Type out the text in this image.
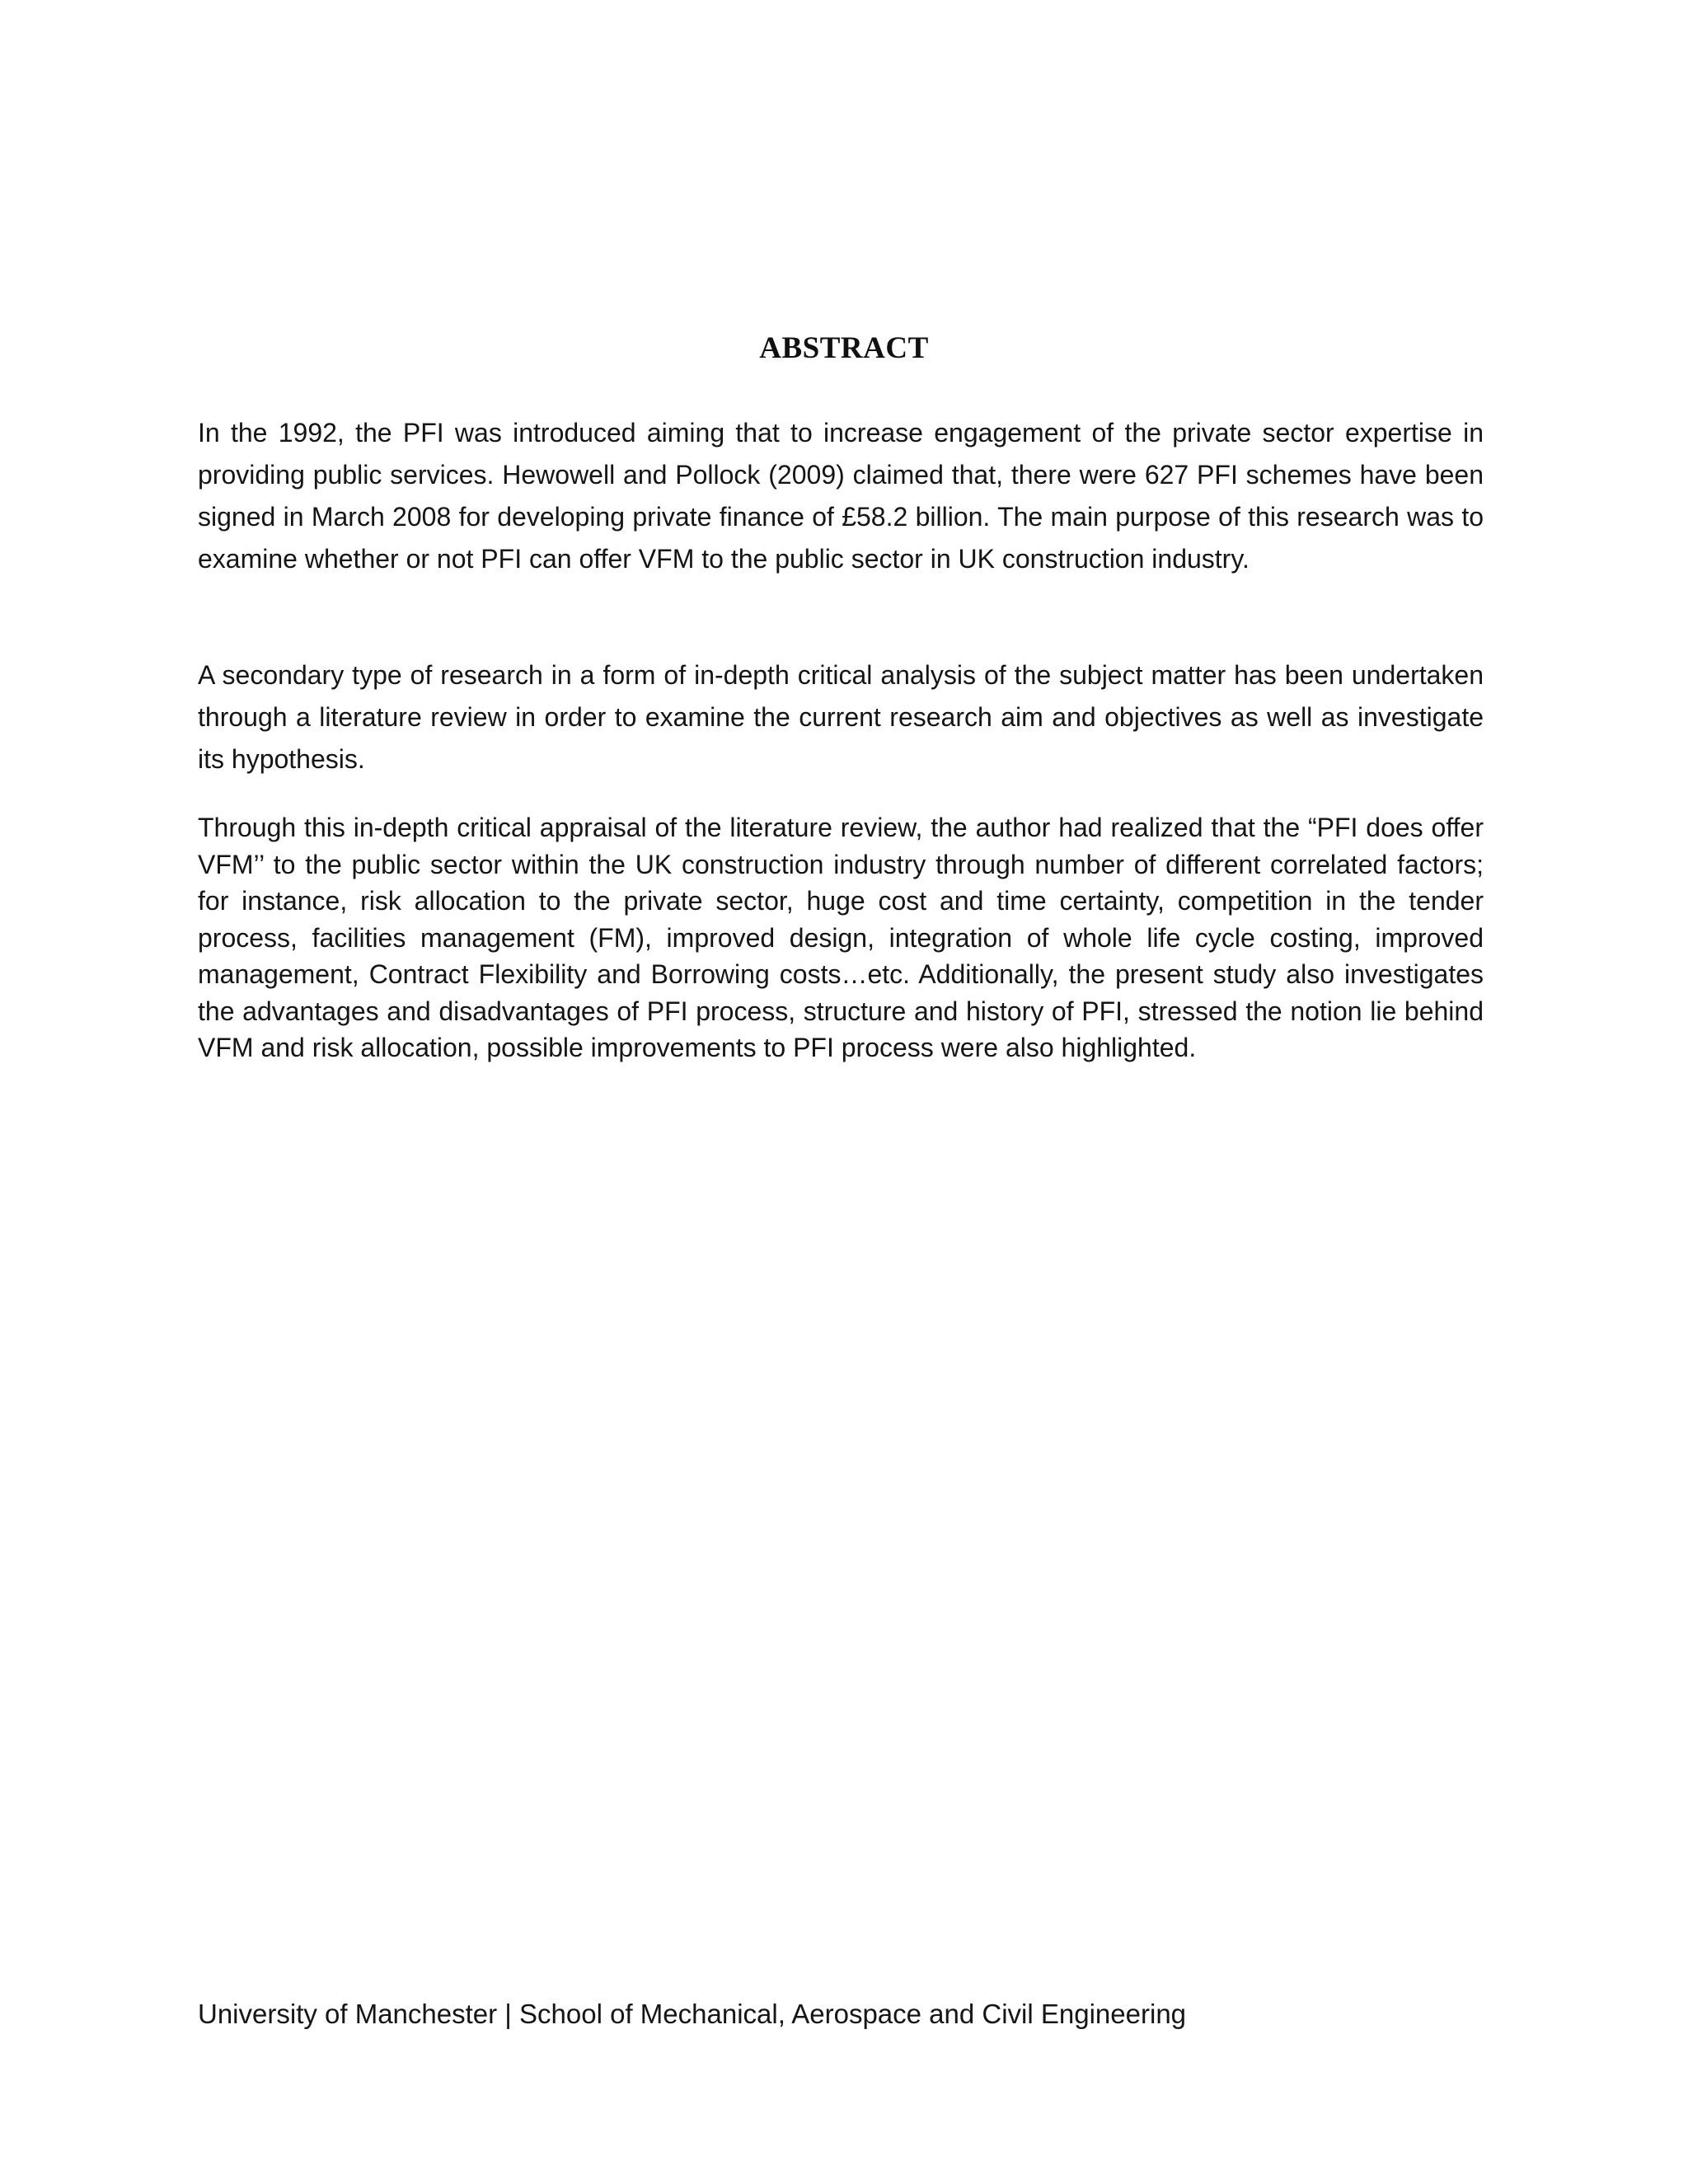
ABSTRACT

In the 1992, the PFI was introduced aiming that to increase engagement of the private sector expertise in providing public services. Hewowell and Pollock (2009) claimed that, there were 627 PFI schemes have been signed in March 2008 for developing private finance of £58.2 billion. The main purpose of this research was to examine whether or not PFI can offer VFM to the public sector in UK construction industry.

A secondary type of research in a form of in-depth critical analysis of the subject matter has been undertaken through a literature review in order to examine the current research aim and objectives as well as investigate its hypothesis.

Through this in-depth critical appraisal of the literature review, the author had realized that the “PFI does offer VFM’’ to the public sector within the UK construction industry through number of different correlated factors; for instance, risk allocation to the private sector, huge cost and time certainty, competition in the tender process, facilities management (FM), improved design, integration of whole life cycle costing, improved management, Contract Flexibility and Borrowing costs…etc. Additionally, the present study also investigates the advantages and disadvantages of PFI process, structure and history of PFI, stressed the notion lie behind VFM and risk allocation, possible improvements to PFI process were also highlighted.

University of Manchester | School of Mechanical, Aerospace and Civil Engineering
